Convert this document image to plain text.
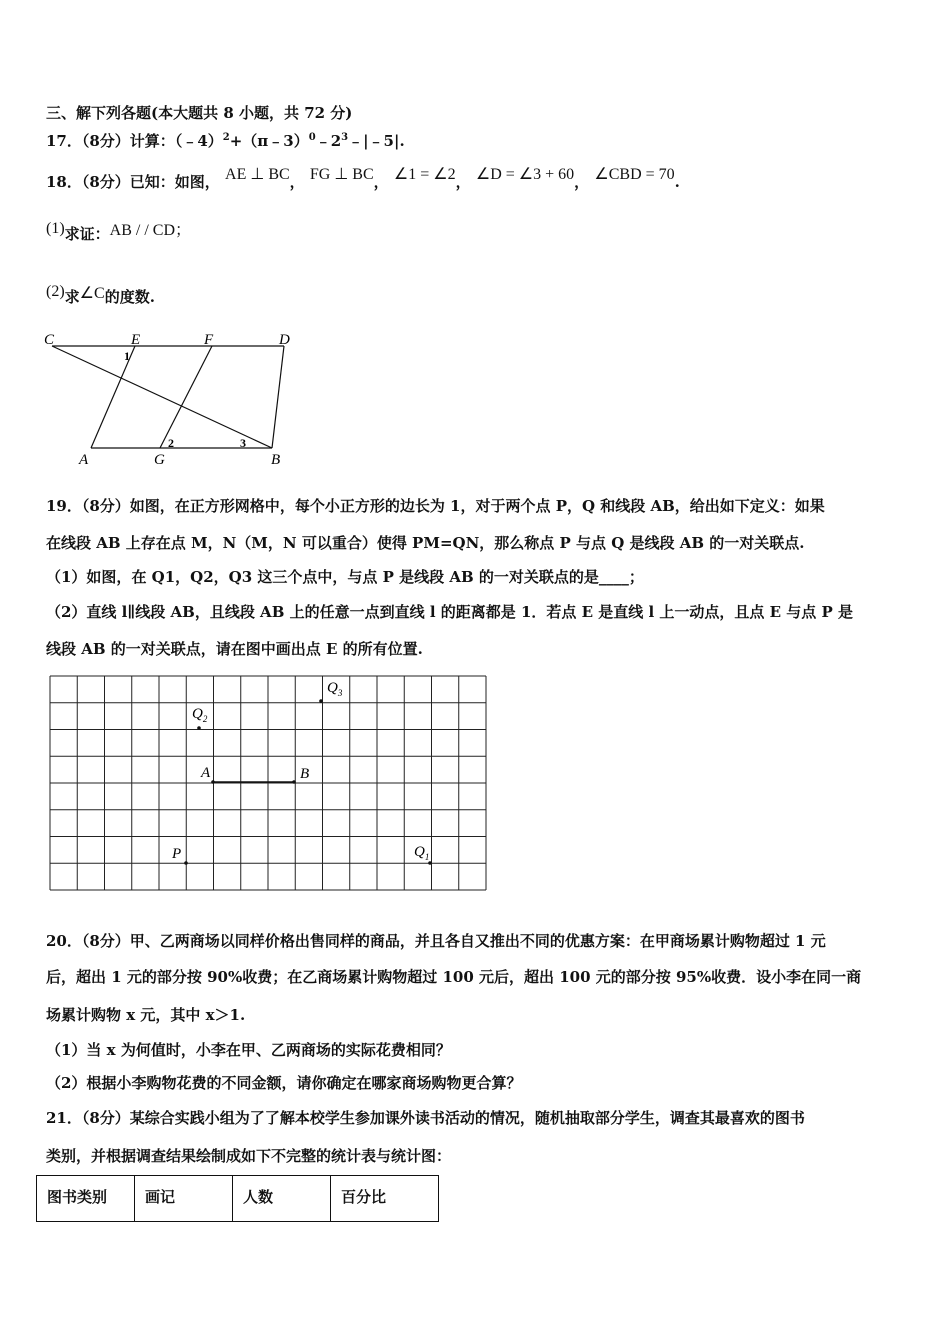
三、解下列各题(本大题共 8 小题，共 72 分)
17．（8分）计算：$(﹣4)^2+(\pi﹣3)^0﹣2^3﹣|﹣5|$.
18．（8分）已知：如图， AE ⊥ BC， FG ⊥ BC， ∠1 = ∠2， ∠D = ∠3 + 60， ∠CBD = 70.
(1)求证：AB / / CD；
(2)求∠C的度数.
C	E	F	D
A	G	B
1
2	3
19．（8分）如图，在正方形网格中，每个小正方形的边长为 1，对于两个点 P，Q 和线段 AB，给出如下定义：如果
在线段 AB 上存在点 M，N（M，N 可以重合）使得 PM=QN，那么称点 P 与点 Q 是线段 AB 的一对关联点.
（1）如图，在 Q1，Q2，Q3 这三个点中，与点 P 是线段 AB 的一对关联点的是____；
（2）直线 l∥线段 AB，且线段 AB 上的任意一点到直线 l 的距离都是 1．若点 E 是直线 l 上一动点，且点 E 与点 P 是
线段 AB 的一对关联点，请在图中画出点 E 的所有位置.
$Q_3$
$Q_2$
A	B
P	$Q_1$
20．（8分）甲、乙两商场以同样价格出售同样的商品，并且各自又推出不同的优惠方案：在甲商场累计购物超过 1 元
后，超出 1 元的部分按 90%收费；在乙商场累计购物超过 100 元后，超出 100 元的部分按 95%收费．设小李在同一商
场累计购物 x 元，其中 x＞1.
（1）当 x 为何值时，小李在甲、乙两商场的实际花费相同？
（2）根据小李购物花费的不同金额，请你确定在哪家商场购物更合算？
21．（8分）某综合实践小组为了了解本校学生参加课外读书活动的情况，随机抽取部分学生，调查其最喜欢的图书
类别，并根据调查结果绘制成如下不完整的统计表与统计图：
图书类别	画记	人数	百分比
